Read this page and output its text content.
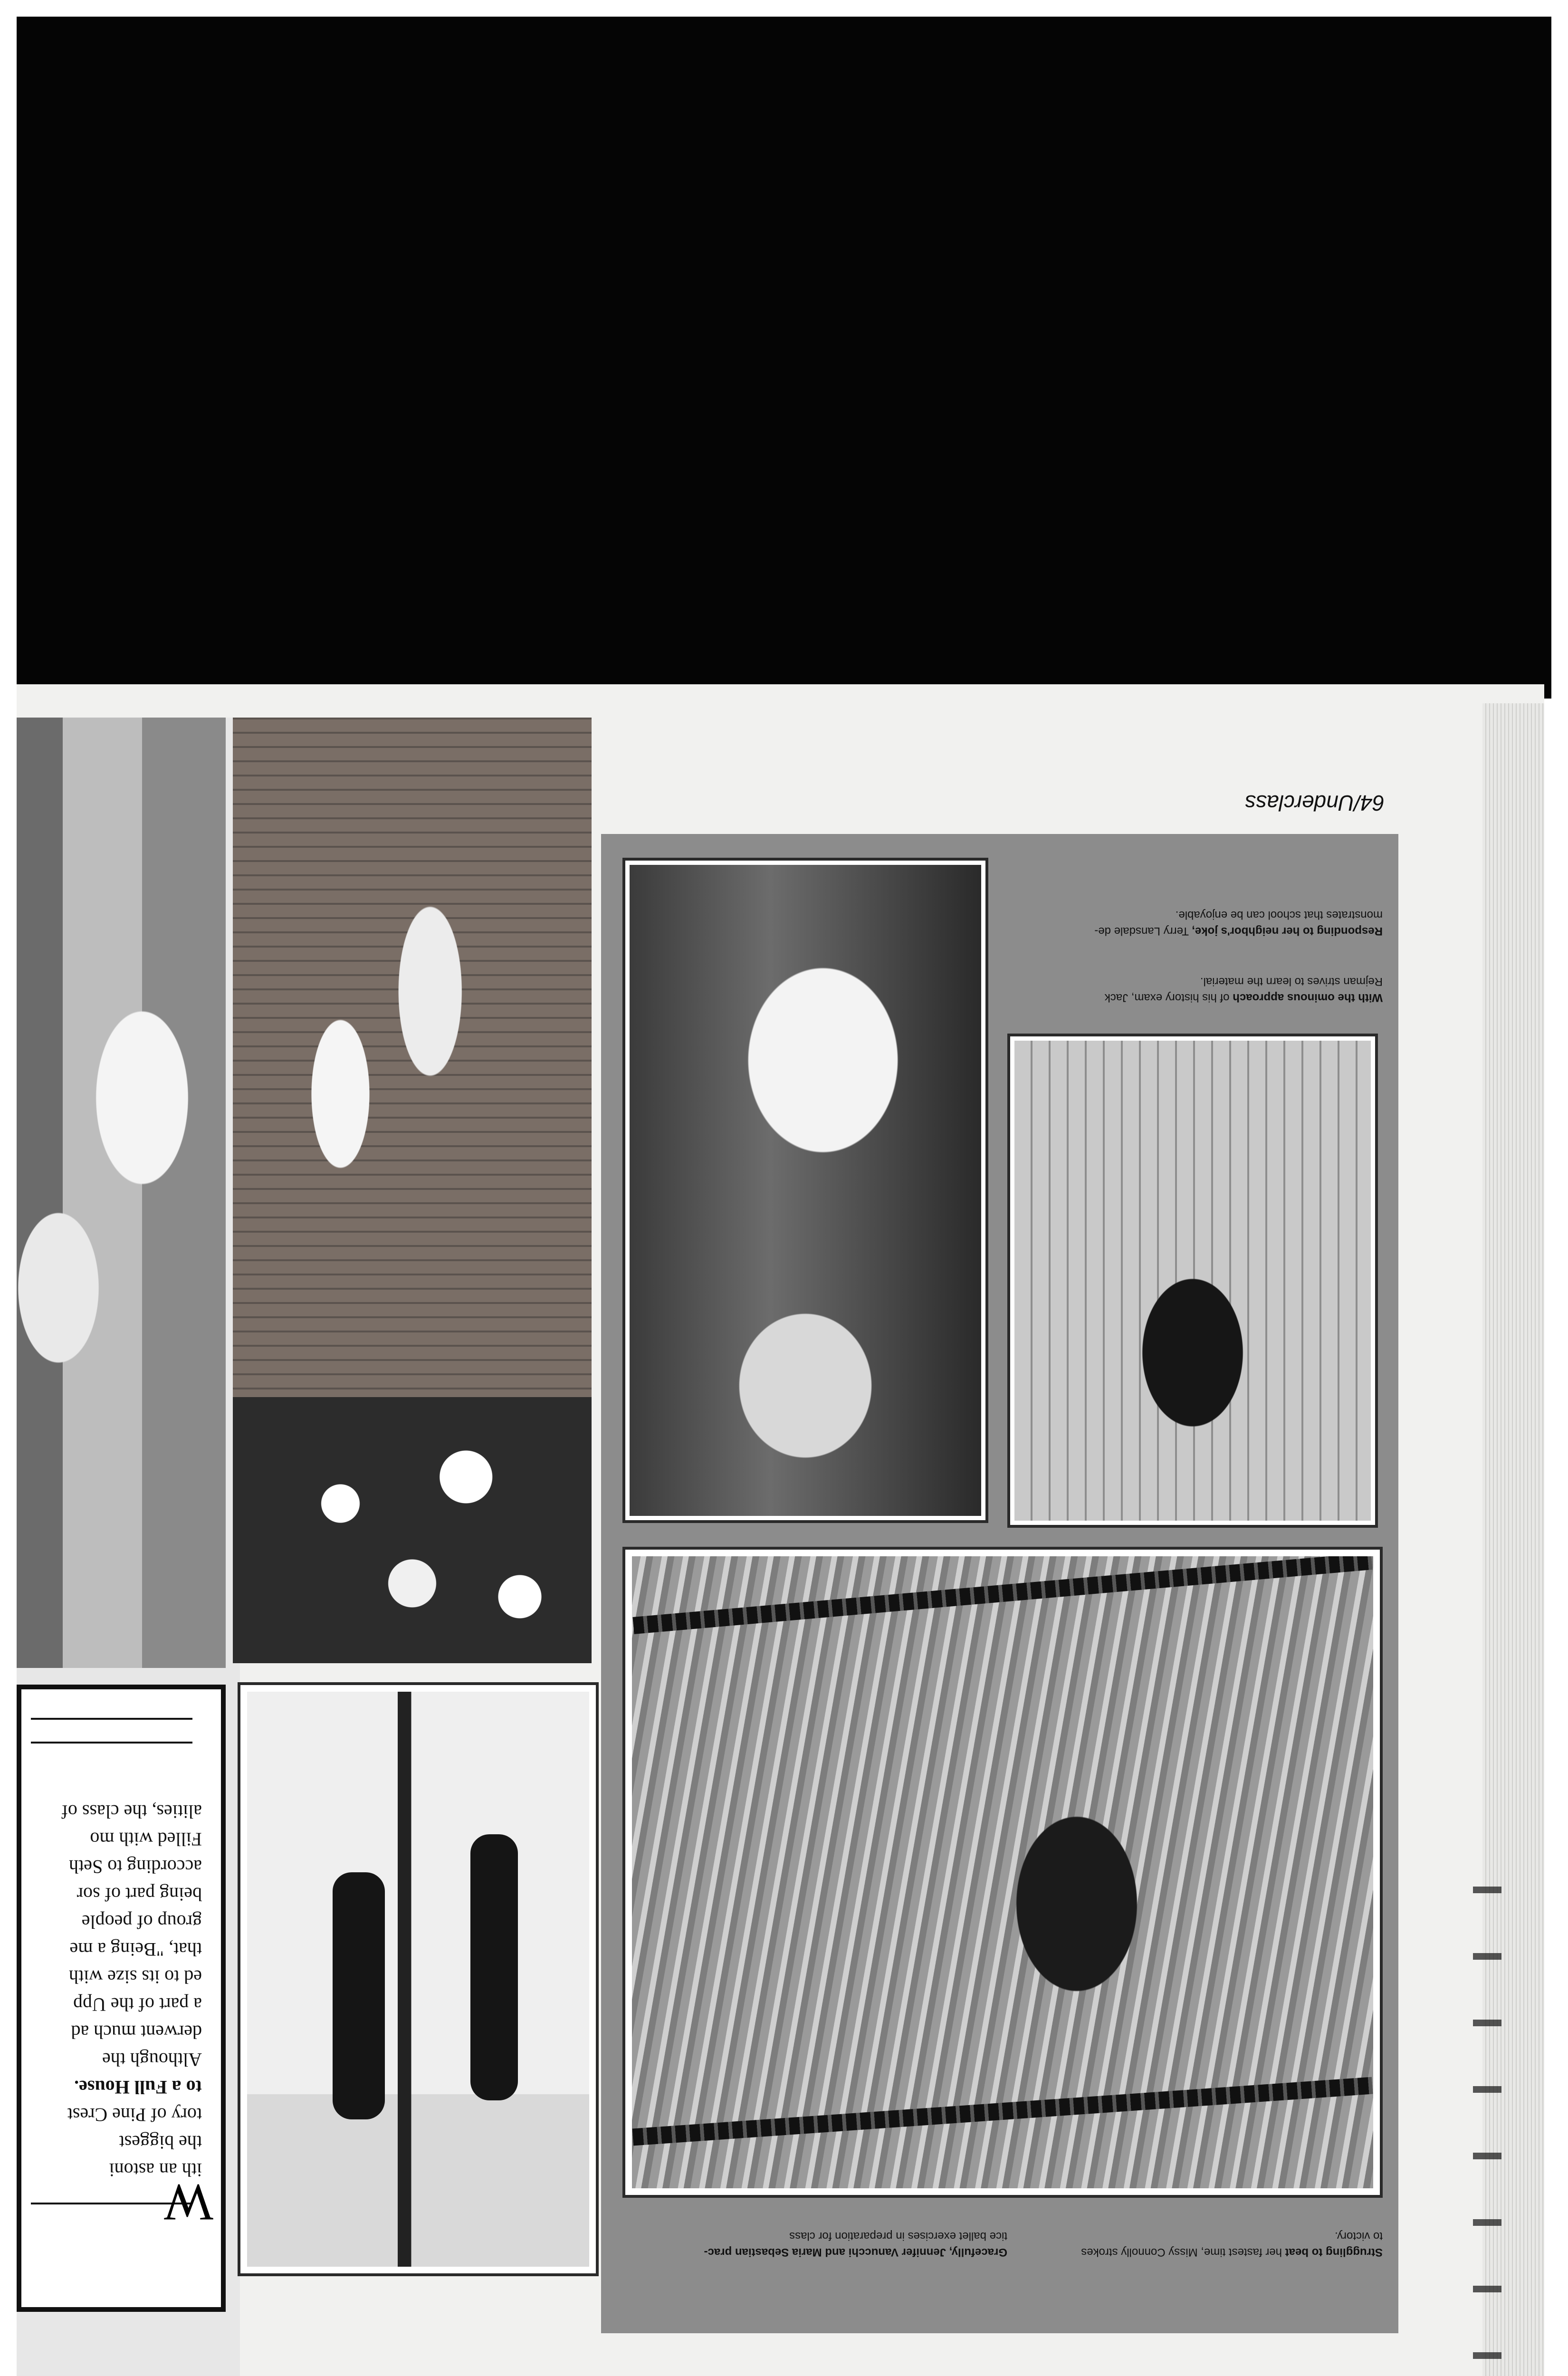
ith an astoni
the biggest
tory of Pine Crest
to a Full House.
Although the
derwent much ad
a part of the Upp
ed to its size with
that, "Being a me
group of people
being part of sor
according to Seth
Filled with mo
alities, the class of
W

With the ominous approach of his history exam, Jack
Rejman strives to learn the material.

Responding to her neighbor's joke, Terry Lansdale de-
monstrates that school can be enjoyable.

Struggling to beat her fastest time, Missy Connolly strokes
to victory.

Gracefully, Jennifer Vanucchi and Maria Sebastian prac-
tice ballet exercises in preparation for class

64/Underclass
